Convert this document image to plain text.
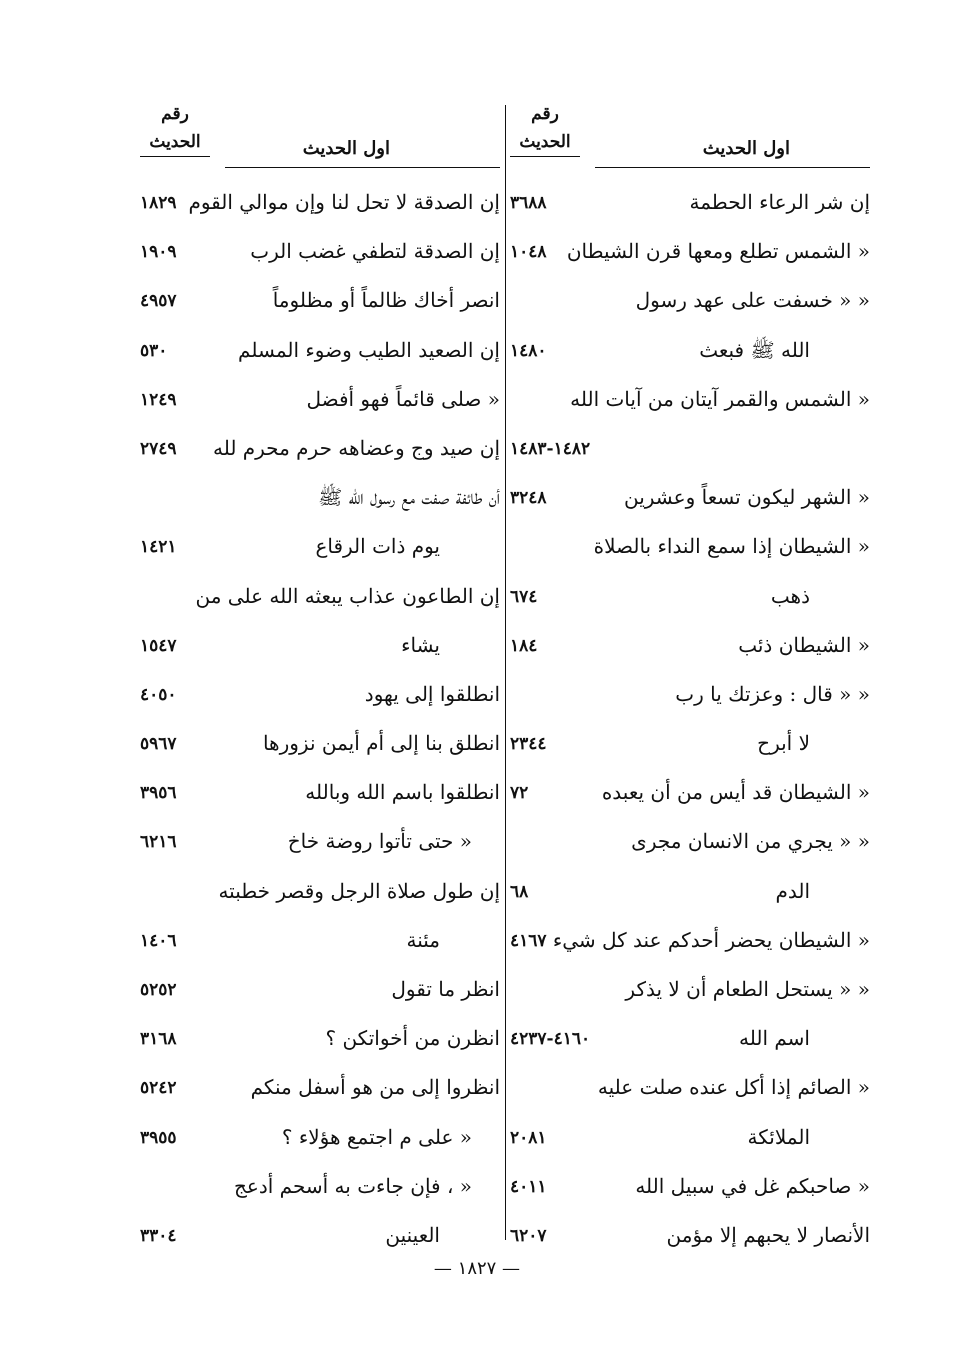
رقم
الحديث	اول الحديث
إن شر الرعاء الحطمة
٣٦٨٨
« الشمس تطلع ومعها قرن الشيطان
١٠٤٨
« « خسفت على عهد رسول
الله ﷺ فبعث
١٤٨٠
« الشمس والقمر آيتان من آيات الله
١٤٨٢-١٤٨٣
« الشهر ليكون تسعاً وعشرين
٣٢٤٨
« الشيطان إذا سمع النداء بالصلاة
ذهب
٦٧٤
« الشيطان ذئب
١٨٤
« « قال : وعزتك يا رب
لا أبرح
٢٣٤٤
« الشيطان قد أيس من أن يعبده
٧٢
« « يجري من الانسان مجرى
الدم
٦٨
« الشيطان يحضر أحدكم عند كل شيء
٤١٦٧
« « يستحل الطعام أن لا يذكر
اسم الله
٤١٦٠-٤٢٣٧
« الصائم إذا أكل عنده صلت عليه
الملائكة
٢٠٨١
« صاحبكم غل في سبيل الله
٤٠١١
الأنصار لا يحبهم إلا مؤمن
٦٢٠٧
رقم
الحديث	اول الحديث
إن الصدقة لا تحل لنا وإن موالي القوم
١٨٢٩
إن الصدقة لتطفي غضب الرب
١٩٠٩
انصر أخاك ظالماً أو مظلوماً
٤٩٥٧
إن الصعيد الطيب وضوء المسلم
٥٣٠
« صلى قائماً فهو أفضل
١٢٤٩
إن صيد وج وعضاهه حرم محرم لله
٢٧٤٩
أن طائفة صفت مع رسول الله ﷺ
يوم ذات الرقاع
١٤٢١
إن الطاعون عذاب يبعثه الله على من
يشاء
١٥٤٧
انطلقوا إلى يهود
٤٠٥٠
انطلق بنا إلى أم أيمن نزورها
٥٩٦٧
انطلقوا باسم الله وبالله
٣٩٥٦
« حتى تأتوا روضة خاخ
٦٢١٦
إن طول صلاة الرجل وقصر خطبته
مئنة
١٤٠٦
انظر ما تقول
٥٢٥٢
انظرن من أخواتكن ؟
٣١٦٨
انظروا إلى من هو أسفل منكم
٥٢٤٢
« على م اجتمع هؤلاء ؟
٣٩٥٥
« ، فإن جاءت به أسحم أدعج
العينين
٣٣٠٤
— ١٨٢٧ —
